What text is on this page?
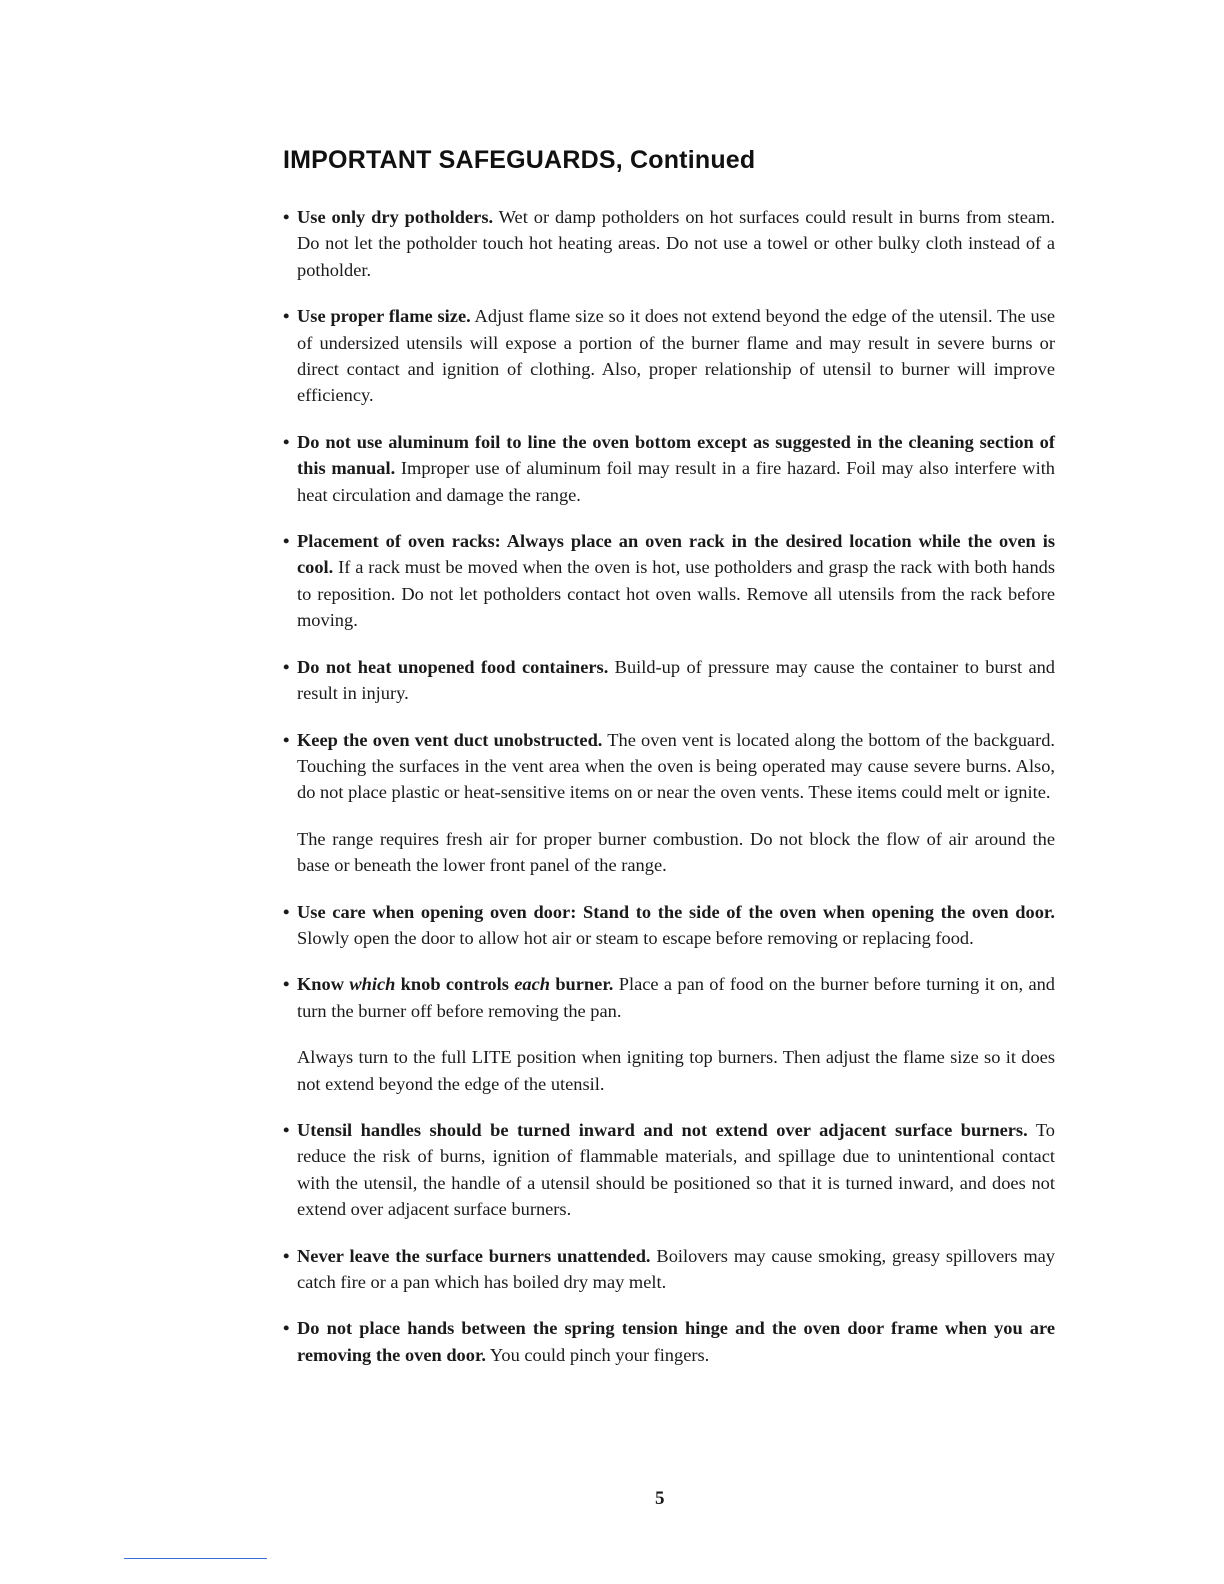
IMPORTANT SAFEGUARDS, Continued
• Use only dry potholders. Wet or damp potholders on hot surfaces could result in burns from steam. Do not let the potholder touch hot heating areas. Do not use a towel or other bulky cloth instead of a potholder.
• Use proper flame size. Adjust flame size so it does not extend beyond the edge of the utensil. The use of undersized utensils will expose a portion of the burner flame and may result in severe burns or direct contact and ignition of clothing. Also, proper relationship of utensil to burner will improve efficiency.
• Do not use aluminum foil to line the oven bottom except as suggested in the cleaning section of this manual. Improper use of aluminum foil may result in a fire hazard. Foil may also interfere with heat circulation and damage the range.
• Placement of oven racks: Always place an oven rack in the desired location while the oven is cool. If a rack must be moved when the oven is hot, use potholders and grasp the rack with both hands to reposition. Do not let potholders contact hot oven walls. Remove all utensils from the rack before moving.
• Do not heat unopened food containers. Build-up of pressure may cause the container to burst and result in injury.
• Keep the oven vent duct unobstructed. The oven vent is located along the bottom of the backguard. Touching the surfaces in the vent area when the oven is being operated may cause severe burns. Also, do not place plastic or heat-sensitive items on or near the oven vents. These items could melt or ignite.

The range requires fresh air for proper burner combustion. Do not block the flow of air around the base or beneath the lower front panel of the range.

• Use care when opening oven door: Stand to the side of the oven when opening the oven door. Slowly open the door to allow hot air or steam to escape before removing or replacing food.
• Know which knob controls each burner. Place a pan of food on the burner before turning it on, and turn the burner off before removing the pan.

Always turn to the full LITE position when igniting top burners. Then adjust the flame size so it does not extend beyond the edge of the utensil.

• Utensil handles should be turned inward and not extend over adjacent surface burners. To reduce the risk of burns, ignition of flammable materials, and spillage due to unintentional contact with the utensil, the handle of a utensil should be positioned so that it is turned inward, and does not extend over adjacent surface burners.
• Never leave the surface burners unattended. Boilovers may cause smoking, greasy spillovers may catch fire or a pan which has boiled dry may melt.
• Do not place hands between the spring tension hinge and the oven door frame when you are removing the oven door. You could pinch your fingers.
5
